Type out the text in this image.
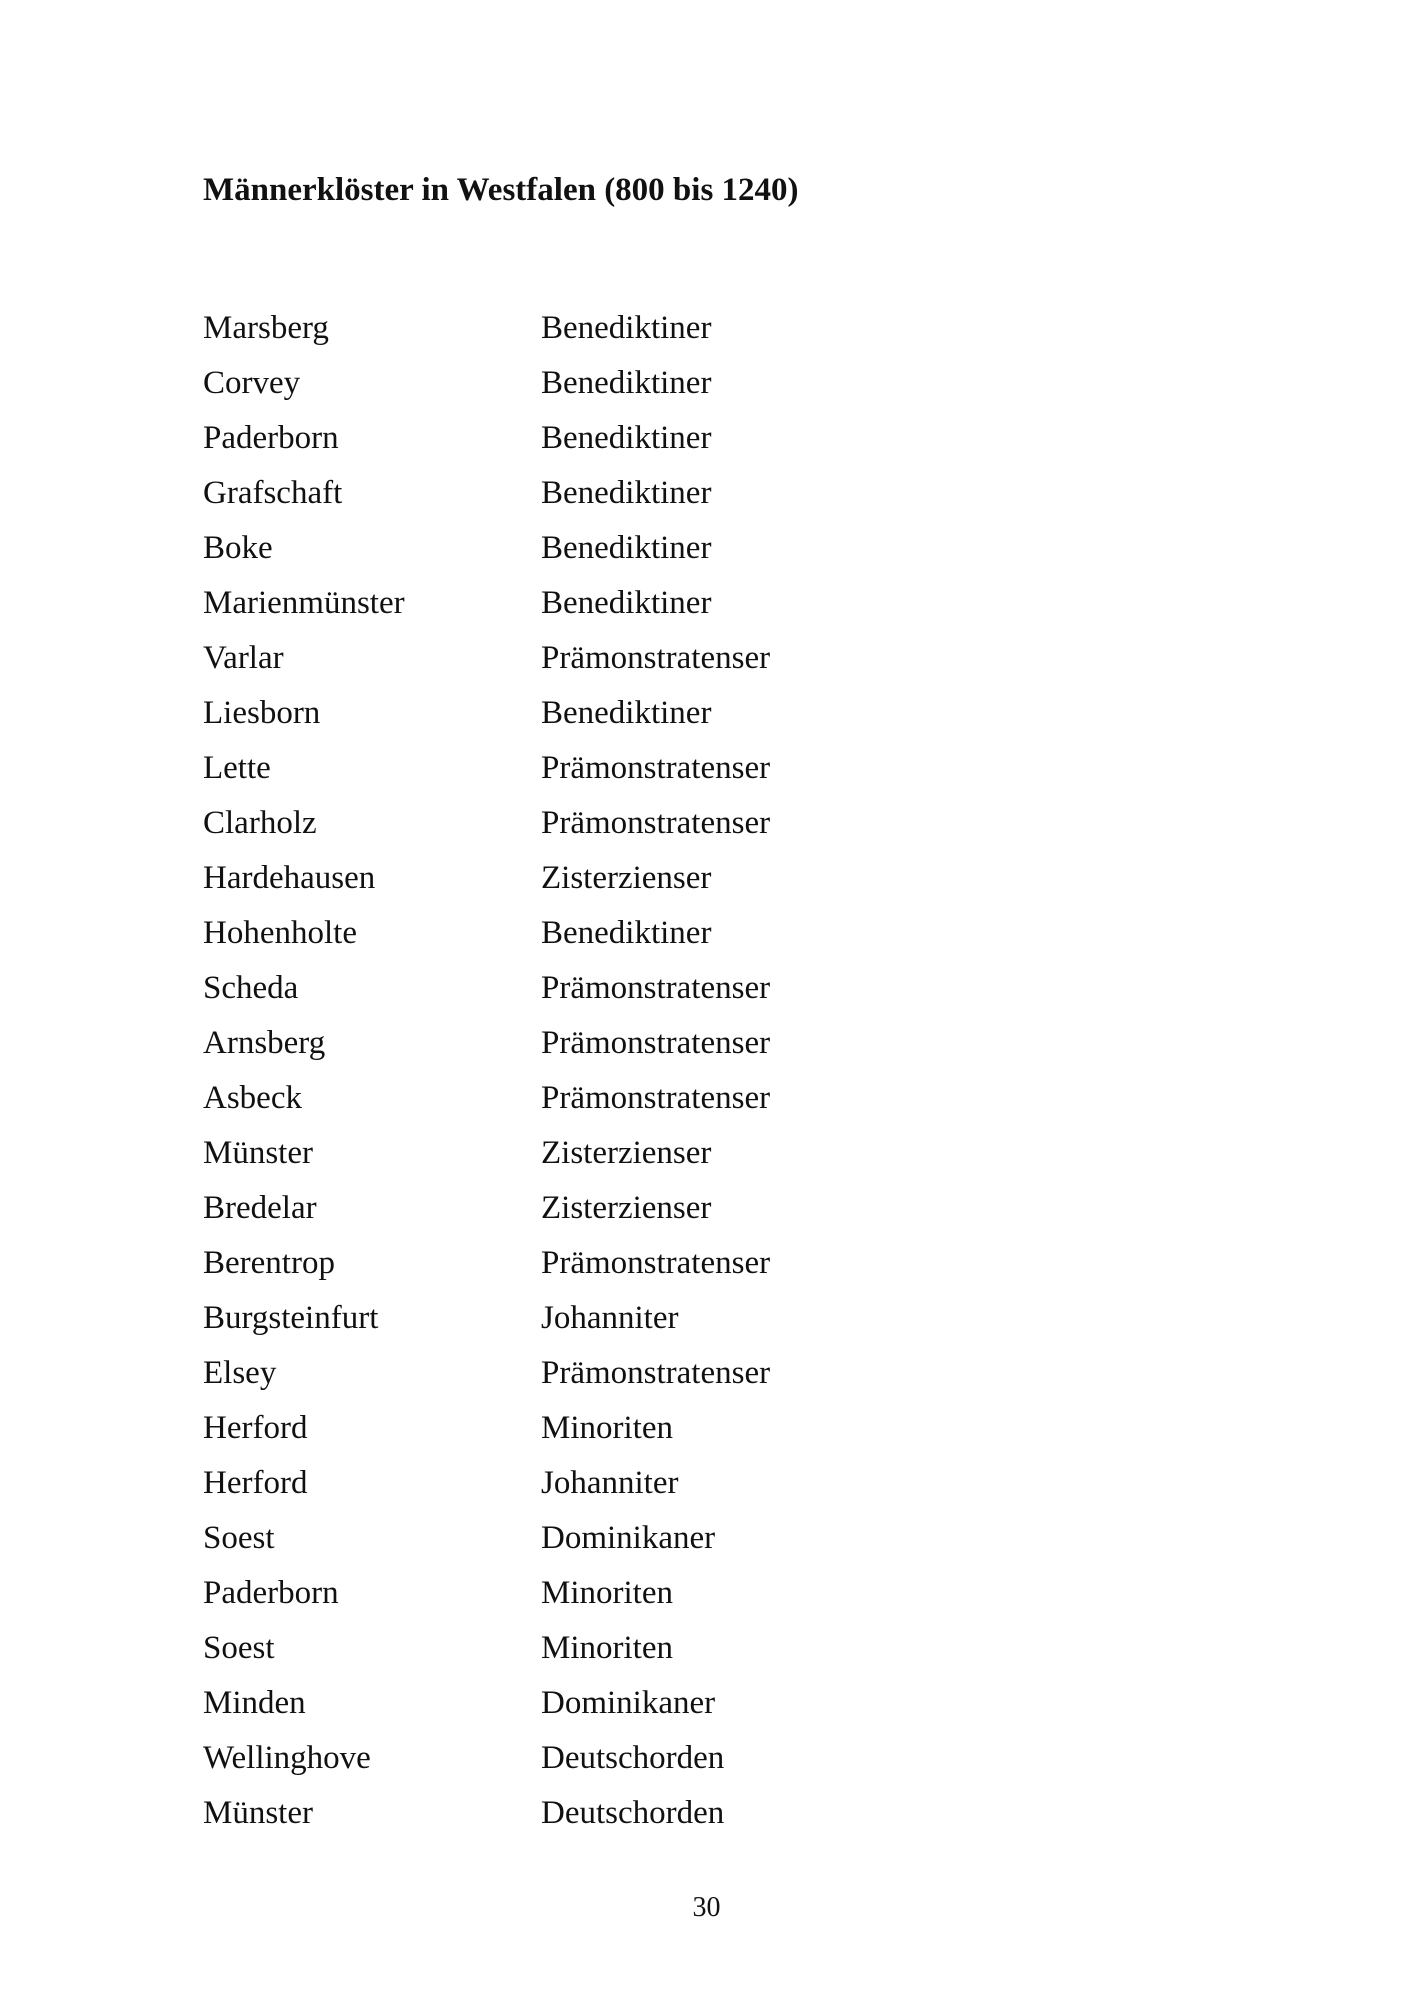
Männerklöster in Westfalen (800 bis 1240)
Marsberg	Benediktiner
Corvey	Benediktiner
Paderborn	Benediktiner
Grafschaft	Benediktiner
Boke	Benediktiner
Marienmünster	Benediktiner
Varlar	Prämonstratenser
Liesborn	Benediktiner
Lette	Prämonstratenser
Clarholz	Prämonstratenser
Hardehausen	Zisterzienser
Hohenholte	Benediktiner
Scheda	Prämonstratenser
Arnsberg	Prämonstratenser
Asbeck	Prämonstratenser
Münster	Zisterzienser
Bredelar	Zisterzienser
Berentrop	Prämonstratenser
Burgsteinfurt	Johanniter
Elsey	Prämonstratenser
Herford	Minoriten
Herford	Johanniter
Soest	Dominikaner
Paderborn	Minoriten
Soest	Minoriten
Minden	Dominikaner
Wellinghove	Deutschorden
Münster	Deutschorden
30
